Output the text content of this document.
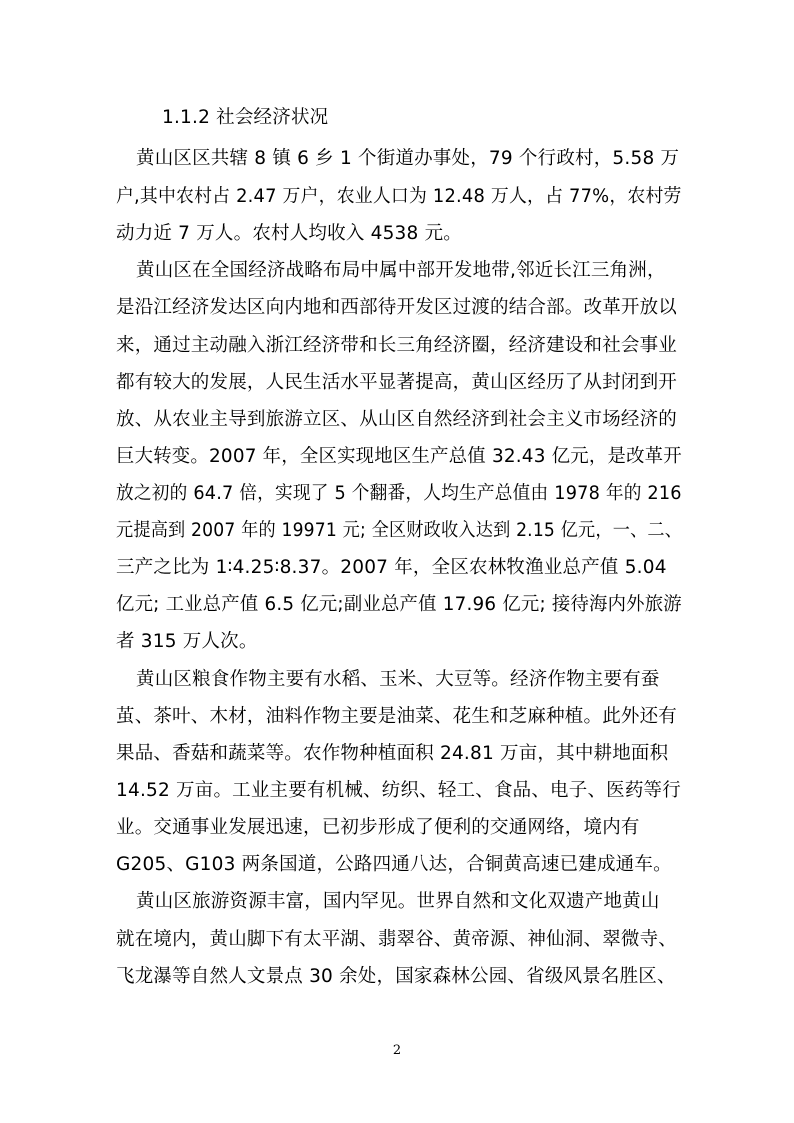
1.1.2 社会经济状况
黄山区区共辖 8 镇 6 乡 1 个街道办事处，79 个行政村，5.58 万
户,其中农村占 2.47 万户，农业人口为 12.48 万人，占 77%，农村劳
动力近 7 万人。农村人均收入 4538 元。
黄山区在全国经济战略布局中属中部开发地带,邻近长江三角洲，
是沿江经济发达区向内地和西部待开发区过渡的结合部。改革开放以
来，通过主动融入浙江经济带和长三角经济圈，经济建设和社会事业
都有较大的发展，人民生活水平显著提高，黄山区经历了从封闭到开
放、从农业主导到旅游立区、从山区自然经济到社会主义市场经济的
巨大转变。2007 年，全区实现地区生产总值 32.43 亿元，是改革开
放之初的 64.7 倍，实现了 5 个翻番，人均生产总值由 1978 年的 216
元提高到 2007 年的 19971 元; 全区财政收入达到 2.15 亿元，一、二、
三产之比为 1∶4.25∶8.37。2007 年，全区农林牧渔业总产值 5.04
亿元; 工业总产值 6.5 亿元;副业总产值 17.96 亿元; 接待海内外旅游
者 315 万人次。
黄山区粮食作物主要有水稻、玉米、大豆等。经济作物主要有蚕
茧、茶叶、木材，油料作物主要是油菜、花生和芝麻种植。此外还有
果品、香菇和蔬菜等。农作物种植面积 24.81 万亩，其中耕地面积
14.52 万亩。工业主要有机械、纺织、轻工、食品、电子、医药等行
业。交通事业发展迅速，已初步形成了便利的交通网络，境内有
G205、G103 两条国道，公路四通八达，合铜黄高速已建成通车。
黄山区旅游资源丰富，国内罕见。世界自然和文化双遗产地黄山
就在境内，黄山脚下有太平湖、翡翠谷、黄帝源、神仙洞、翠微寺、
飞龙瀑等自然人文景点 30 余处，国家森林公园、省级风景名胜区、
2
